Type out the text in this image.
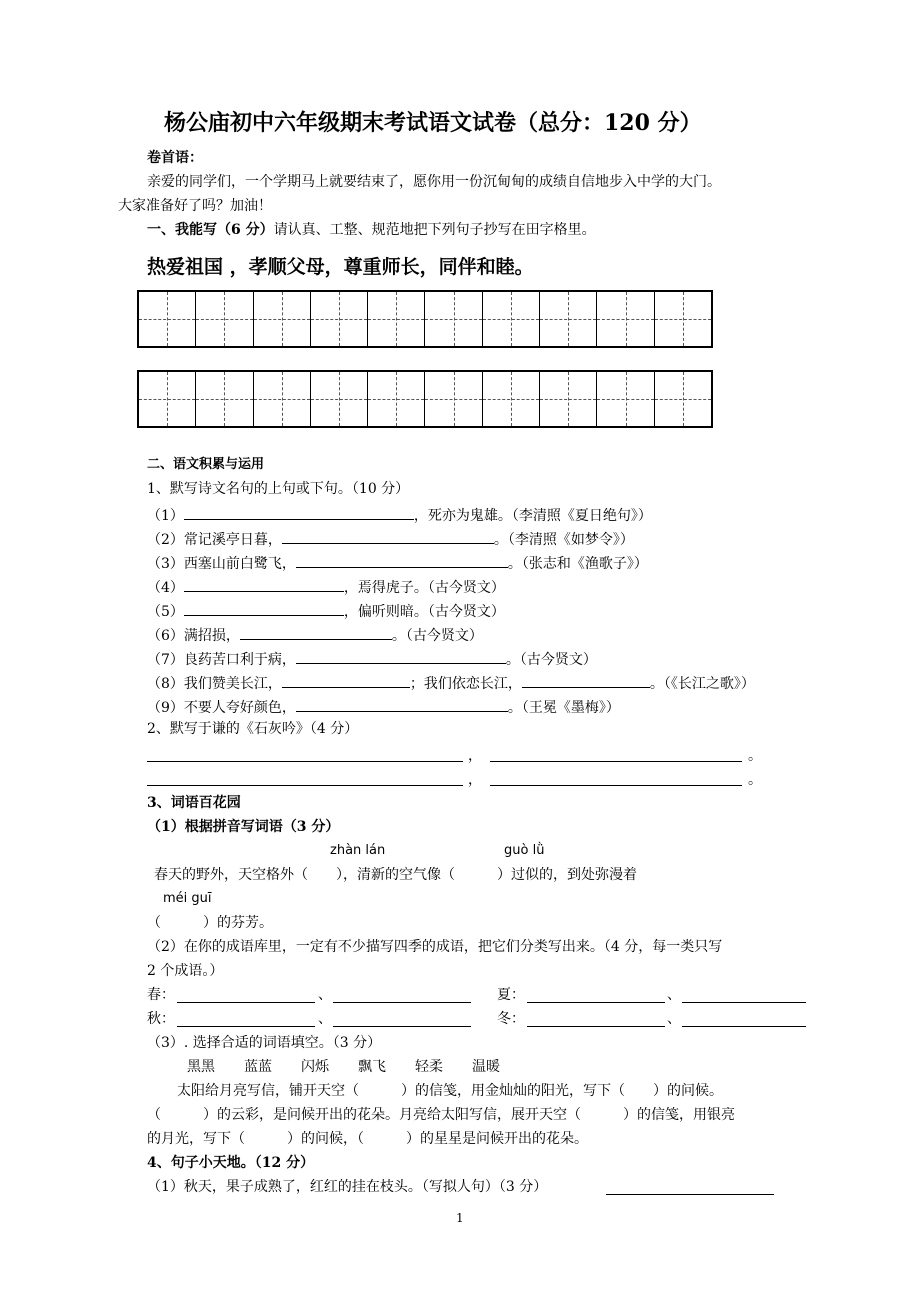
杨公庙初中六年级期末考试语文试卷（总分：120 分）
卷首语：
亲爱的同学们，一个学期马上就要结束了，愿你用一份沉甸甸的成绩自信地步入中学的大门。
大家准备好了吗？加油！
一、我能写（6 分）请认真、工整、规范地把下列句子抄写在田字格里。
热爱祖国 ，孝顺父母，尊重师长，同伴和睦。
二、语文积累与运用
1、默写诗文名句的上句或下句。（10 分）
（1）	，死亦为鬼雄。（李清照《夏日绝句》）
（2）常记溪亭日暮，	。（李清照《如梦令》）
（3）西塞山前白鹭飞，	。（张志和《渔歌子》）
（4）	，焉得虎子。（古今贤文）
（5）	，偏听则暗。（古今贤文）
（6）满招损，	。（古今贤文）
（7）良药苦口利于病，	。（古今贤文）
（8）我们赞美长江，	；我们依恋长江，	。（《长江之歌》）
（9）不要人夸好颜色，	。（王冕《墨梅》）
2、默写于谦的《石灰吟》（4 分）
，	。
，	。
3、词语百花园
（1）根据拼音写词语（3 分）
zhàn lán	guò lǜ
春天的野外，天空格外（　　），清新的空气像（　　　）过似的，到处弥漫着
méi guī
（　　　）的芬芳。
（2）在你的成语库里，一定有不少描写四季的成语，把它们分类写出来。（4 分，每一类只写
2 个成语。）
春：	、	夏：	、
秋：	、	冬：	、
（3）. 选择合适的词语填空。（3 分）
黑黑 蓝蓝 闪烁 飘飞 轻柔 温暖
太阳给月亮写信，铺开天空（　　　）的信笺，用金灿灿的阳光，写下（　　）的问候。
（　　　）的云彩，是问候开出的花朵。月亮给太阳写信，展开天空（　　　）的信笺，用银亮
的月光，写下（　　　）的问候，（　　　）的星星是问候开出的花朵。
4、句子小天地。（12 分）
（1）秋天，果子成熟了，红红的挂在枝头。（写拟人句）（3 分）
1
